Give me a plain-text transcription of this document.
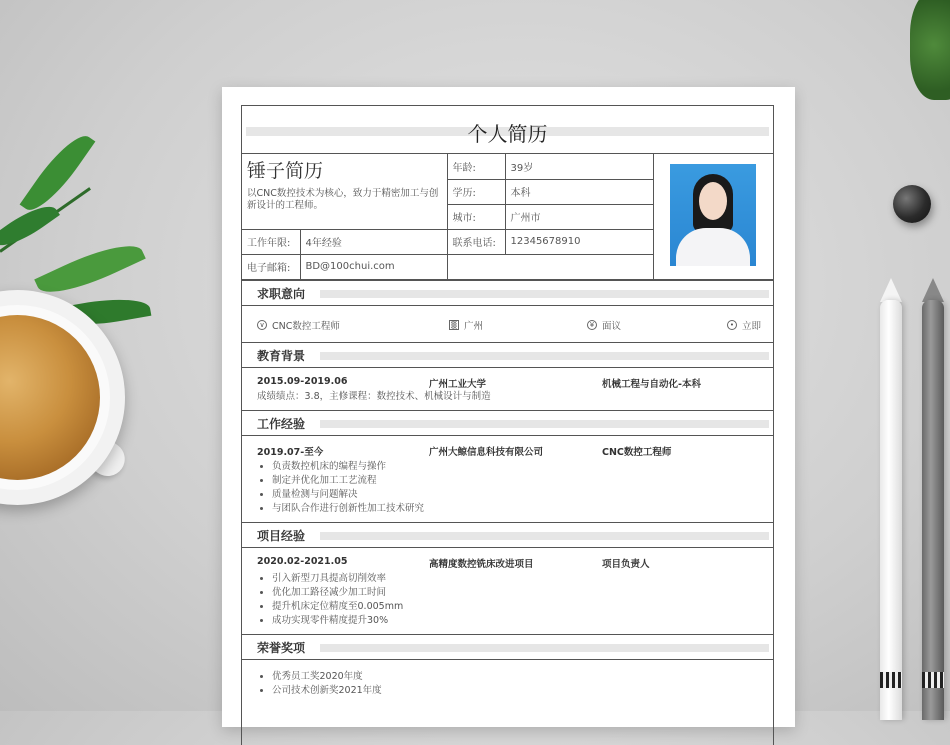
个人简历
锤子简历
以CNC数控技术为核心，致力于精密加工与创新设计的工程师。		年龄:	39岁	

		学历:	本科	
		城市:	广州市	
工作年限:	4年经验	联系电话:	12345678910	
电子邮箱:	BD@100chui.com			
求职意向
∨ CNC数控工程师	▒ 广州	¥ 面议	• 立即
教育背景
2015.09-2019.06	广州工业大学	机械工程与自动化-本科
成绩绩点：3.8，主修课程：数控技术、机械设计与制造
工作经验
2019.07-至今	广州大鲸信息科技有限公司	CNC数控工程师
• 负责数控机床的编程与操作
• 制定并优化加工工艺流程
• 质量检测与问题解决
• 与团队合作进行创新性加工技术研究
项目经验
2020.02-2021.05	高精度数控铣床改进项目	项目负责人
• 引入新型刀具提高切削效率
• 优化加工路径减少加工时间
• 提升机床定位精度至0.005mm
• 成功实现零件精度提升30%
荣誉奖项
• 优秀员工奖2020年度
• 公司技术创新奖2021年度
